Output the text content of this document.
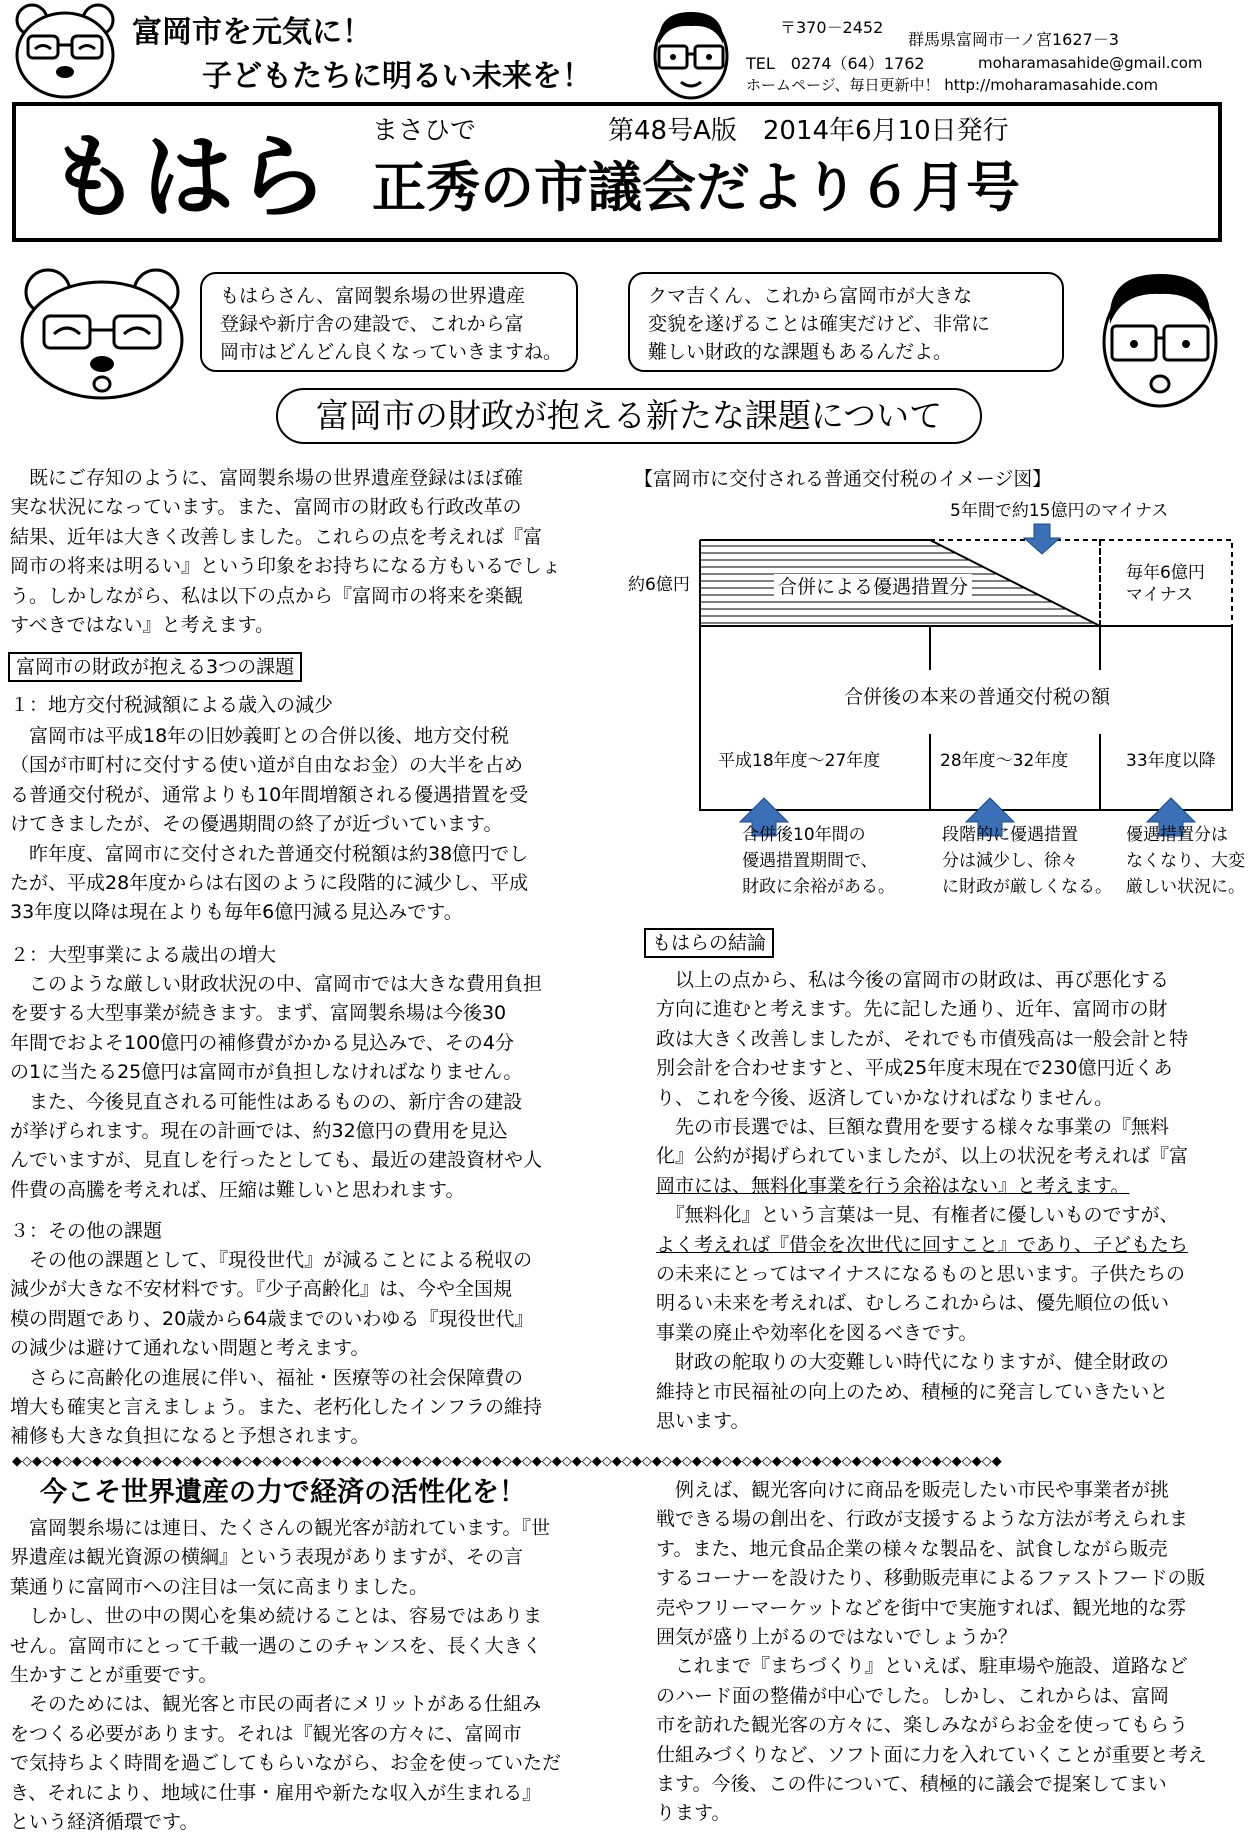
富岡市を元気に！
子どもたちに明るい未来を！
〒370－2452
群馬県富岡市一ノ宮1627－3
TEL　0274（64）1762	moharamasahide@gmail.com
ホームページ、毎日更新中！ http://moharamasahide.com
もはら まさひで	第48号A版　2014年6月10日発行
正秀の市議会だより６月号
もはらさん、富岡製糸場の世界遺産
登録や新庁舎の建設で、これから富
岡市はどんどん良くなっていきますね。
クマ吉くん、これから富岡市が大きな
変貌を遂げることは確実だけど、非常に
難しい財政的な課題もあるんだよ。
富岡市の財政が抱える新たな課題について
　既にご存知のように、富岡製糸場の世界遺産登録はほぼ確
実な状況になっています。また、富岡市の財政も行政改革の
結果、近年は大きく改善しました。これらの点を考えれば『富
岡市の将来は明るい』という印象をお持ちになる方もいるでしょ
う。しかしながら、私は以下の点から『富岡市の将来を楽観
すべきではない』と考えます。
富岡市の財政が抱える3つの課題
１：地方交付税減額による歳入の減少
　富岡市は平成18年の旧妙義町との合併以後、地方交付税
（国が市町村に交付する使い道が自由なお金）の大半を占め
る普通交付税が、通常よりも10年間増額される優遇措置を受
けてきましたが、その優遇期間の終了が近づいています。
　昨年度、富岡市に交付された普通交付税額は約38億円でし
たが、平成28年度からは右図のように段階的に減少し、平成
33年度以降は現在よりも毎年6億円減る見込みです。
２：大型事業による歳出の増大
　このような厳しい財政状況の中、富岡市では大きな費用負担
を要する大型事業が続きます。まず、富岡製糸場は今後30
年間でおよそ100億円の補修費がかかる見込みで、その4分
の1に当たる25億円は富岡市が負担しなければなりません。
　また、今後見直される可能性はあるものの、新庁舎の建設
が挙げられます。現在の計画では、約32億円の費用を見込
んでいますが、見直しを行ったとしても、最近の建設資材や人
件費の高騰を考えれば、圧縮は難しいと思われます。
３：その他の課題
　その他の課題として、『現役世代』が減ることによる税収の
減少が大きな不安材料です。『少子高齢化』は、今や全国規
模の問題であり、20歳から64歳までのいわゆる『現役世代』
の減少は避けて通れない問題と考えます。
　さらに高齢化の進展に伴い、福祉・医療等の社会保障費の
増大も確実と言えましょう。また、老朽化したインフラの維持
補修も大きな負担になると予想されます。
【富岡市に交付される普通交付税のイメージ図】
5年間で約15億円のマイナス
約6億円	合併による優遇措置分
毎年6億円
マイナス
合併後の本来の普通交付税の額
平成18年度～27年度	28年度～32年度	33年度以降
合併後10年間の
優遇措置期間で、
財政に余裕がある。
段階的に優遇措置
分は減少し、徐々
に財政が厳しくなる。
優遇措置分は
なくなり、大変
厳しい状況に。
もはらの結論
　以上の点から、私は今後の富岡市の財政は、再び悪化する
方向に進むと考えます。先に記した通り、近年、富岡市の財
政は大きく改善しましたが、それでも市債残高は一般会計と特
別会計を合わせますと、平成25年度末現在で230億円近くあ
り、これを今後、返済していかなければなりません。
　先の市長選では、巨額な費用を要する様々な事業の『無料
化』公約が掲げられていましたが、以上の状況を考えれば『富
岡市には、無料化事業を行う余裕はない』と考えます。
　『無料化』という言葉は一見、有権者に優しいものですが、
よく考えれば『借金を次世代に回すこと』であり、子どもたち
の未来にとってはマイナスになるものと思います。子供たちの
明るい未来を考えれば、むしろこれからは、優先順位の低い
事業の廃止や効率化を図るべきです。
　財政の舵取りの大変難しい時代になりますが、健全財政の
維持と市民福祉の向上のため、積極的に発言していきたいと
思います。
◆◇◆◇◆◇◆◇◆◇◆◇◆◇◆◇◆◇◆◇◆◇◆◇◆◇◆◇◆◇◆◇◆◇◆◇◆◇◆◇◆◇◆◇◆◇◆◇◆◇◆◇◆◇◆◇◆◇◆◇◆◇◆◇◆◇◆◇◆◇◆◇◆◇◆◇◆◇◆◇◆◇◆◇◆◇◆◇◆◇◆◇◆◇◆◇◆◇◆
今こそ世界遺産の力で経済の活性化を！
　富岡製糸場には連日、たくさんの観光客が訪れています。『世
界遺産は観光資源の横綱』という表現がありますが、その言
葉通りに富岡市への注目は一気に高まりました。
　しかし、世の中の関心を集め続けることは、容易ではありま
せん。富岡市にとって千載一遇のこのチャンスを、長く大きく
生かすことが重要です。
　そのためには、観光客と市民の両者にメリットがある仕組み
をつくる必要があります。それは『観光客の方々に、富岡市
で気持ちよく時間を過ごしてもらいながら、お金を使っていただ
き、それにより、地域に仕事・雇用や新たな収入が生まれる』
という経済循環です。
　例えば、観光客向けに商品を販売したい市民や事業者が挑
戦できる場の創出を、行政が支援するような方法が考えられま
す。また、地元食品企業の様々な製品を、試食しながら販売
するコーナーを設けたり、移動販売車によるファストフードの販
売やフリーマーケットなどを街中で実施すれば、観光地的な雰
囲気が盛り上がるのではないでしょうか？
　これまで『まちづくり』といえば、駐車場や施設、道路など
のハード面の整備が中心でした。しかし、これからは、富岡
市を訪れた観光客の方々に、楽しみながらお金を使ってもらう
仕組みづくりなど、ソフト面に力を入れていくことが重要と考え
ます。今後、この件について、積極的に議会で提案してまい
ります。
